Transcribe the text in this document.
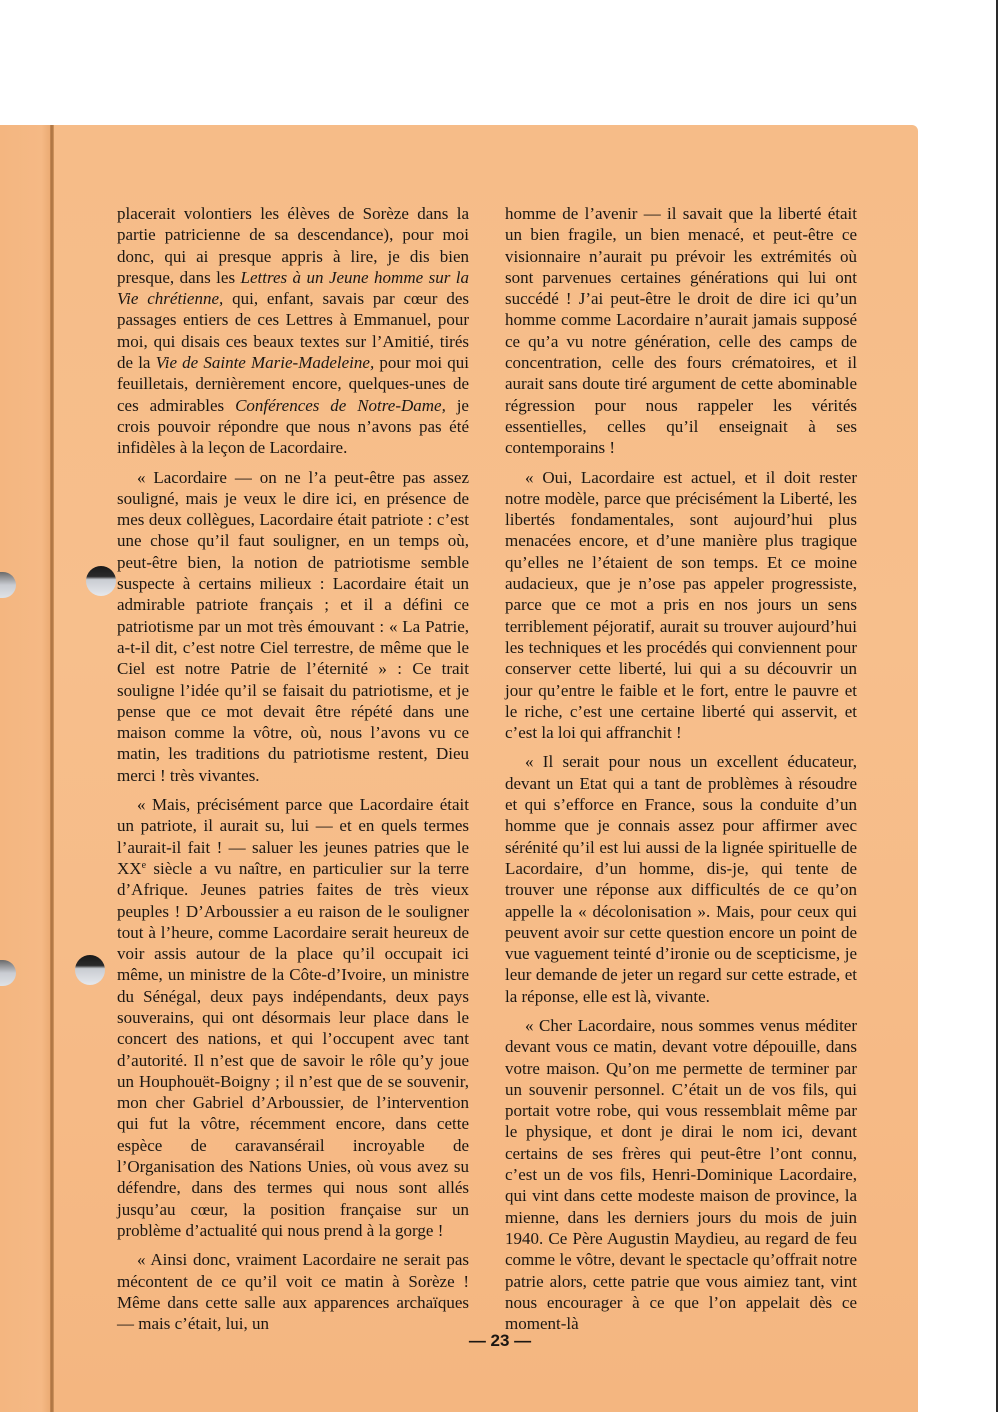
placerait volontiers les élèves de Sorèze dans la partie patricienne de sa descendance), pour moi donc, qui ai presque appris à lire, je dis bien presque, dans les Lettres à un Jeune homme sur la Vie chrétienne, qui, enfant, savais par cœur des passages entiers de ces Lettres à Emmanuel, pour moi, qui disais ces beaux textes sur l’Amitié, tirés de la Vie de Sainte Marie-Madeleine, pour moi qui feuilletais, dernièrement encore, quelques-unes de ces admirables Conférences de Notre-Dame, je crois pouvoir répondre que nous n’avons pas été infidèles à la leçon de Lacordaire.

« Lacordaire — on ne l’a peut-être pas assez souligné, mais je veux le dire ici, en présence de mes deux collègues, Lacordaire était patriote : c’est une chose qu’il faut souligner, en un temps où, peut-être bien, la notion de patriotisme semble suspecte à certains milieux : Lacordaire était un admirable patriote français ; et il a défini ce patriotisme par un mot très émouvant : « La Patrie, a-t-il dit, c’est notre Ciel terrestre, de même que le Ciel est notre Patrie de l’éternité » : Ce trait souligne l’idée qu’il se faisait du patriotisme, et je pense que ce mot devait être répété dans une maison comme la vôtre, où, nous l’avons vu ce matin, les traditions du patriotisme restent, Dieu merci ! très vivantes.

« Mais, précisément parce que Lacordaire était un patriote, il aurait su, lui — et en quels termes l’aurait-il fait ! — saluer les jeunes patries que le XXe siècle a vu naître, en particulier sur la terre d’Afrique. Jeunes patries faites de très vieux peuples ! D’Arboussier a eu raison de le souligner tout à l’heure, comme Lacordaire serait heureux de voir assis autour de la place qu’il occupait ici même, un ministre de la Côte-d’Ivoire, un ministre du Sénégal, deux pays indépendants, deux pays souverains, qui ont désormais leur place dans le concert des nations, et qui l’occupent avec tant d’autorité. Il n’est que de savoir le rôle qu’y joue un Houphouët-Boigny ; il n’est que de se souvenir, mon cher Gabriel d’Arboussier, de l’intervention qui fut la vôtre, récemment encore, dans cette espèce de caravansérail incroyable de l’Organisation des Nations Unies, où vous avez su défendre, dans des termes qui nous sont allés jusqu’au cœur, la position française sur un problème d’actualité qui nous prend à la gorge !

« Ainsi donc, vraiment Lacordaire ne serait pas mécontent de ce qu’il voit ce matin à Sorèze ! Même dans cette salle aux apparences archaïques — mais c’était, lui, un

homme de l’avenir — il savait que la liberté était un bien fragile, un bien menacé, et peut-être ce visionnaire n’aurait pu prévoir les extrémités où sont parvenues certaines générations qui lui ont succédé ! J’ai peut-être le droit de dire ici qu’un homme comme Lacordaire n’aurait jamais supposé ce qu’a vu notre génération, celle des camps de concentration, celle des fours crématoires, et il aurait sans doute tiré argument de cette abominable régression pour nous rappeler les vérités essentielles, celles qu’il enseignait à ses contemporains !

« Oui, Lacordaire est actuel, et il doit rester notre modèle, parce que précisément la Liberté, les libertés fondamentales, sont aujourd’hui plus menacées encore, et d’une manière plus tragique qu’elles ne l’étaient de son temps. Et ce moine audacieux, que je n’ose pas appeler progressiste, parce que ce mot a pris en nos jours un sens terriblement péjoratif, aurait su trouver aujourd’hui les techniques et les procédés qui conviennent pour conserver cette liberté, lui qui a su découvrir un jour qu’entre le faible et le fort, entre le pauvre et le riche, c’est une certaine liberté qui asservit, et c’est la loi qui affranchit !

« Il serait pour nous un excellent éducateur, devant un Etat qui a tant de problèmes à résoudre et qui s’efforce en France, sous la conduite d’un homme que je connais assez pour affirmer avec sérénité qu’il est lui aussi de la lignée spirituelle de Lacordaire, d’un homme, dis-je, qui tente de trouver une réponse aux difficultés de ce qu’on appelle la « décolonisation ». Mais, pour ceux qui peuvent avoir sur cette question encore un point de vue vaguement teinté d’ironie ou de scepticisme, je leur demande de jeter un regard sur cette estrade, et la réponse, elle est là, vivante.

« Cher Lacordaire, nous sommes venus méditer devant vous ce matin, devant votre dépouille, dans votre maison. Qu’on me permette de terminer par un souvenir personnel. C’était un de vos fils, qui portait votre robe, qui vous ressemblait même par le physique, et dont je dirai le nom ici, devant certains de ses frères qui peut-être l’ont connu, c’est un de vos fils, Henri-Dominique Lacordaire, qui vint dans cette modeste maison de province, la mienne, dans les derniers jours du mois de juin 1940. Ce Père Augustin Maydieu, au regard de feu comme le vôtre, devant le spectacle qu’offrait notre patrie alors, cette patrie que vous aimiez tant, vint nous encourager à ce que l’on appelait dès ce moment-là

— 23 —
